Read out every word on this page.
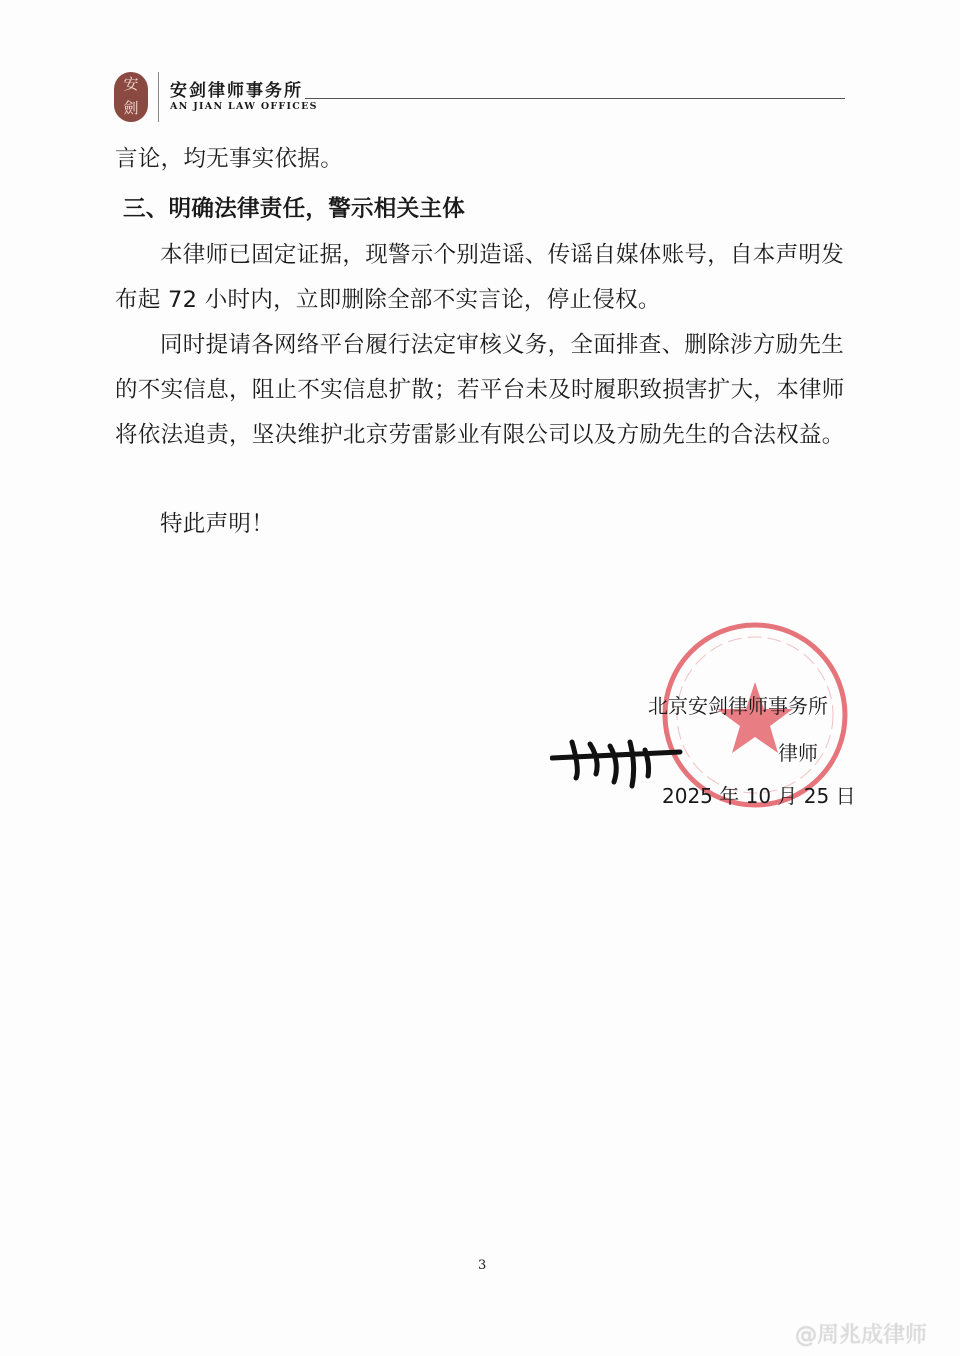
安
劍
安剑律师事务所
AN JIAN LAW OFFICES
言论，均无事实依据。
三、明确法律责任，警示相关主体
本律师已固定证据，现警示个别造谣、传谣自媒体账号，自本声明发布起 72 小时内，立即删除全部不实言论，停止侵权。
同时提请各网络平台履行法定审核义务，全面排查、删除涉方励先生的不实信息，阻止不实信息扩散；若平台未及时履职致损害扩大，本律师将依法追责，坚决维护北京劳雷影业有限公司以及方励先生的合法权益。
特此声明！
北京安剑律师事务所
律师
2025 年 10 月 25 日
3
@周兆成律师
